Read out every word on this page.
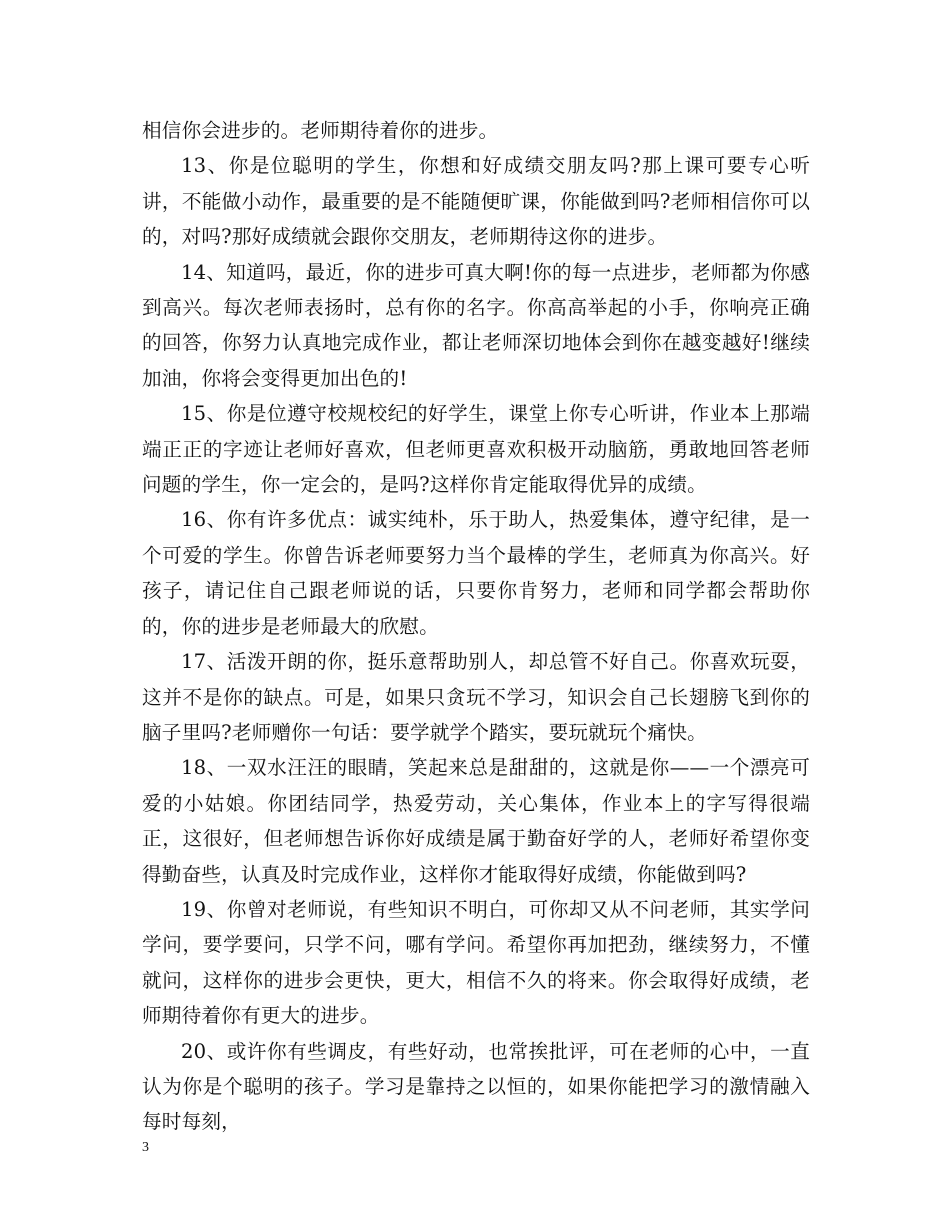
相信你会进步的。老师期待着你的进步。

13、你是位聪明的学生，你想和好成绩交朋友吗?那上课可要专心听讲，不能做小动作，最重要的是不能随便旷课，你能做到吗?老师相信你可以的，对吗?那好成绩就会跟你交朋友，老师期待这你的进步。

14、知道吗，最近，你的进步可真大啊!你的每一点进步，老师都为你感到高兴。每次老师表扬时，总有你的名字。你高高举起的小手，你响亮正确的回答，你努力认真地完成作业，都让老师深切地体会到你在越变越好!继续加油，你将会变得更加出色的!

15、你是位遵守校规校纪的好学生，课堂上你专心听讲，作业本上那端端正正的字迹让老师好喜欢，但老师更喜欢积极开动脑筋，勇敢地回答老师问题的学生，你一定会的，是吗?这样你肯定能取得优异的成绩。

16、你有许多优点：诚实纯朴，乐于助人，热爱集体，遵守纪律，是一个可爱的学生。你曾告诉老师要努力当个最棒的学生，老师真为你高兴。好孩子，请记住自己跟老师说的话，只要你肯努力，老师和同学都会帮助你的，你的进步是老师最大的欣慰。

17、活泼开朗的你，挺乐意帮助别人，却总管不好自己。你喜欢玩耍，这并不是你的缺点。可是，如果只贪玩不学习，知识会自己长翅膀飞到你的脑子里吗?老师赠你一句话：要学就学个踏实，要玩就玩个痛快。

18、一双水汪汪的眼睛，笑起来总是甜甜的，这就是你——一个漂亮可爱的小姑娘。你团结同学，热爱劳动，关心集体，作业本上的字写得很端正，这很好，但老师想告诉你好成绩是属于勤奋好学的人，老师好希望你变得勤奋些，认真及时完成作业，这样你才能取得好成绩，你能做到吗?

19、你曾对老师说，有些知识不明白，可你却又从不问老师，其实学问学问，要学要问，只学不问，哪有学问。希望你再加把劲，继续努力，不懂就问，这样你的进步会更快，更大，相信不久的将来。你会取得好成绩，老师期待着你有更大的进步。

20、或许你有些调皮，有些好动，也常挨批评，可在老师的心中，一直认为你是个聪明的孩子。学习是靠持之以恒的，如果你能把学习的激情融入每时每刻，

3
